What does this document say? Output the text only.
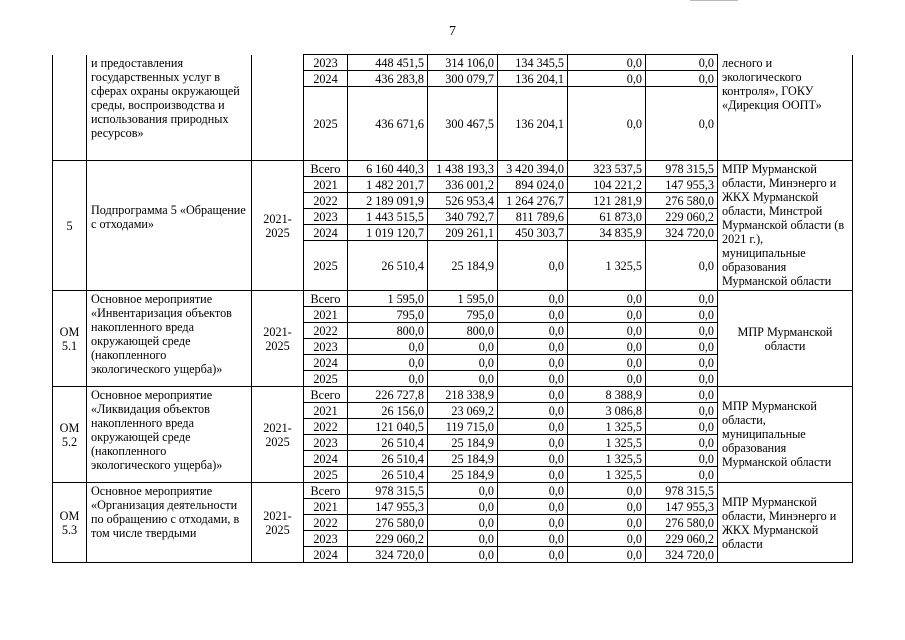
7
	и предоставления государственных услуг в сферах охраны окружающей среды, воспроизводства и использования природных ресурсов»		2023	448 451,5	314 106,0	134 345,5	0,0	0,0	лесного и экологического контроля», ГОКУ «Дирекция ООПТ»
			2024	436 283,8	300 079,7	136 204,1	0,0	0,0	
			2025	436 671,6	300 467,5	136 204,1	0,0	0,0	
5	Подпрограмма 5 «Обращение с отходами»	2021-2025	Всего	6 160 440,3	1 438 193,3	3 420 394,0	323 537,5	978 315,5	МПР Мурманской области, Минэнерго и ЖКХ Мурманской области, Минстрой Мурманской области (в 2021 г.), муниципальные образования Мурманской области
			2021	1 482 201,7	336 001,2	894 024,0	104 221,2	147 955,3	
			2022	2 189 091,9	526 953,4	1 264 276,7	121 281,9	276 580,0	
			2023	1 443 515,5	340 792,7	811 789,6	61 873,0	229 060,2	
			2024	1 019 120,7	209 261,1	450 303,7	34 835,9	324 720,0	
			2025	26 510,4	25 184,9	0,0	1 325,5	0,0	
ОМ 5.1	Основное мероприятие «Инвентаризация объектов накопленного вреда окружающей среде (накопленного экологического ущерба)»	2021-2025	Всего	1 595,0	1 595,0	0,0	0,0	0,0	МПР Мурманской области
			2021	795,0	795,0	0,0	0,0	0,0	
			2022	800,0	800,0	0,0	0,0	0,0	
			2023	0,0	0,0	0,0	0,0	0,0	
			2024	0,0	0,0	0,0	0,0	0,0	
			2025	0,0	0,0	0,0	0,0	0,0	
ОМ 5.2	Основное мероприятие «Ликвидация объектов накопленного вреда окружающей среде (накопленного экологического ущерба)»	2021-2025	Всего	226 727,8	218 338,9	0,0	8 388,9	0,0	МПР Мурманской области, муниципальные образования Мурманской области
			2021	26 156,0	23 069,2	0,0	3 086,8	0,0	
			2022	121 040,5	119 715,0	0,0	1 325,5	0,0	
			2023	26 510,4	25 184,9	0,0	1 325,5	0,0	
			2024	26 510,4	25 184,9	0,0	1 325,5	0,0	
			2025	26 510,4	25 184,9	0,0	1 325,5	0,0	
ОМ 5.3	Основное мероприятие «Организация деятельности по обращению с отходами, в том числе твердыми	2021-2025	Всего	978 315,5	0,0	0,0	0,0	978 315,5	МПР Мурманской области, Минэнерго и ЖКХ Мурманской области
			2021	147 955,3	0,0	0,0	0,0	147 955,3	
			2022	276 580,0	0,0	0,0	0,0	276 580,0	
			2023	229 060,2	0,0	0,0	0,0	229 060,2	
			2024	324 720,0	0,0	0,0	0,0	324 720,0	
